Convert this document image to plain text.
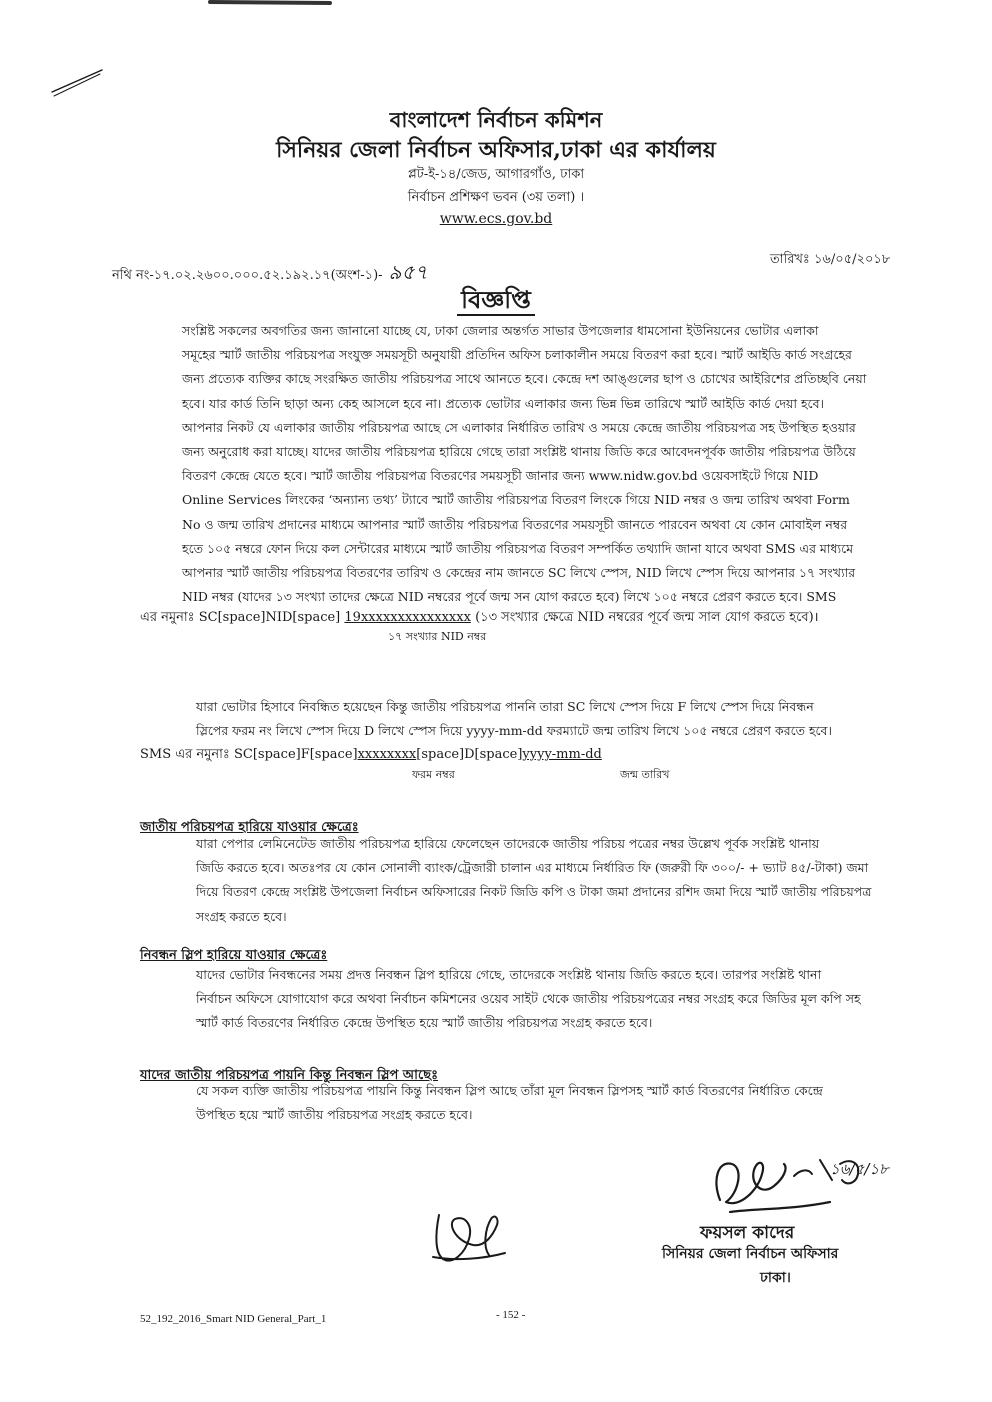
বাংলাদেশ নির্বাচন কমিশন
সিনিয়র জেলা নির্বাচন অফিসার,ঢাকা এর কার্যালয়
প্লট-ই-১৪/জেড, আগারগাঁও, ঢাকা
নির্বাচন প্রশিক্ষণ ভবন (৩য় তলা) ।
www.ecs.gov.bd
নথি নং-১৭.০২.২৬০০.০০০.৫২.১৯২.১৭(অংশ-১)- ৯৫৭
তারিখঃ ১৬/০৫/২০১৮
বিজ্ঞপ্তি
সংশ্লিষ্ট সকলের অবগতির জন্য জানানো যাচ্ছে যে, ঢাকা জেলার অন্তর্গত সাভার উপজেলার ধামসোনা ইউনিয়নের ভোটার এলাকা
সমূহের স্মার্ট জাতীয় পরিচয়পত্র সংযুক্ত সময়সূচী অনুযায়ী প্রতিদিন অফিস চলাকালীন সময়ে বিতরণ করা হবে। স্মার্ট আইডি কার্ড সংগ্রহের
জন্য প্রত্যেক ব্যক্তির কাছে সংরক্ষিত জাতীয় পরিচয়পত্র সাথে আনতে হবে। কেন্দ্রে দশ আঙ্গুলের ছাপ ও চোখের আইরিশের প্রতিচ্ছবি নেয়া
হবে। যার কার্ড তিনি ছাড়া অন্য কেহ আসলে হবে না। প্রত্যেক ভোটার এলাকার জন্য ভিন্ন ভিন্ন তারিখে স্মার্ট আইডি কার্ড দেয়া হবে।
আপনার নিকট যে এলাকার জাতীয় পরিচয়পত্র আছে সে এলাকার নির্ধারিত তারিখ ও সময়ে কেন্দ্রে জাতীয় পরিচয়পত্র সহ উপস্থিত হওয়ার
জন্য অনুরোধ করা যাচ্ছে। যাদের জাতীয় পরিচয়পত্র হারিয়ে গেছে তারা সংশ্লিষ্ট থানায় জিডি করে আবেদনপূর্বক জাতীয় পরিচয়পত্র উঠিয়ে
বিতরণ কেন্দ্রে যেতে হবে। স্মার্ট জাতীয় পরিচয়পত্র বিতরণের সময়সূচী জানার জন্য www.nidw.gov.bd ওয়েবসাইটে গিয়ে NID
Online Services লিংকের ‘অন্যান্য তথ্য’ ট্যাবে স্মার্ট জাতীয় পরিচয়পত্র বিতরণ লিংকে গিয়ে NID নম্বর ও জন্ম তারিখ অথবা Form
No ও জন্ম তারিখ প্রদানের মাধ্যমে আপনার স্মার্ট জাতীয় পরিচয়পত্র বিতরণের সময়সূচী জানতে পারবেন অথবা যে কোন মোবাইল নম্বর
হতে ১০৫ নম্বরে ফোন দিয়ে কল সেন্টারের মাধ্যমে স্মার্ট জাতীয় পরিচয়পত্র বিতরণ সম্পর্কিত তথ্যাদি জানা যাবে অথবা SMS এর মাধ্যমে
আপনার স্মার্ট জাতীয় পরিচয়পত্র বিতরণের তারিখ ও কেন্দ্রের নাম জানতে SC লিখে স্পেস, NID লিখে স্পেস দিয়ে আপনার ১৭ সংখ্যার
NID নম্বর (যাদের ১৩ সংখ্যা তাদের ক্ষেত্রে NID নম্বরের পূর্বে জন্ম সন যোগ করতে হবে) লিখে ১০৫ নম্বরে প্রেরণ করতে হবে। SMS
এর নমুনাঃ SC[space]NID[space] 19xxxxxxxxxxxxxxx (১৩ সংখ্যার ক্ষেত্রে NID নম্বরের পূর্বে জন্ম সাল যোগ করতে হবে)।
১৭ সংখ্যার NID নম্বর
যারা ভোটার হিসাবে নিবন্ধিত হয়েছেন কিন্তু জাতীয় পরিচয়পত্র পাননি তারা SC লিখে স্পেস দিয়ে F লিখে স্পেস দিয়ে নিবন্ধন
স্লিপের ফরম নং লিখে স্পেস দিয়ে D লিখে স্পেস দিয়ে yyyy-mm-dd ফরম্যাটে জন্ম তারিখ লিখে ১০৫ নম্বরে প্রেরণ করতে হবে।
SMS এর নমুনাঃ SC[space]F[space]xxxxxxxx[space]D[space]yyyy-mm-dd
ফরম নম্বর	জন্ম তারিখ
জাতীয় পরিচয়পত্র হারিয়ে যাওয়ার ক্ষেত্রেঃ
যারা পেপার লেমিনেটেড জাতীয় পরিচয়পত্র হারিয়ে ফেলেছেন তাদেরকে জাতীয় পরিচয় পত্রের নম্বর উল্লেখ পূর্বক সংশ্লিষ্ট থানায়
জিডি করতে হবে। অতঃপর যে কোন সোনালী ব্যাংক/ট্রেজারী চালান এর মাধ্যমে নির্ধারিত ফি (জরুরী ফি ৩০০/- + ভ্যাট ৪৫/-টাকা) জমা
দিয়ে বিতরণ কেন্দ্রে সংশ্লিষ্ট উপজেলা নির্বাচন অফিসারের নিকট জিডি কপি ও টাকা জমা প্রদানের রশিদ জমা দিয়ে স্মার্ট জাতীয় পরিচয়পত্র
সংগ্রহ করতে হবে।
নিবন্ধন স্লিপ হারিয়ে যাওয়ার ক্ষেত্রেঃ
যাদের ভোটার নিবন্ধনের সময় প্রদত্ত নিবন্ধন স্লিপ হারিয়ে গেছে, তাদেরকে সংশ্লিষ্ট থানায় জিডি করতে হবে। তারপর সংশ্লিষ্ট থানা
নির্বাচন অফিসে যোগাযোগ করে অথবা নির্বাচন কমিশনের ওয়েব সাইট থেকে জাতীয় পরিচয়পত্রের নম্বর সংগ্রহ করে জিডির মূল কপি সহ
স্মার্ট কার্ড বিতরণের নির্ধারিত কেন্দ্রে উপস্থিত হয়ে স্মার্ট জাতীয় পরিচয়পত্র সংগ্রহ করতে হবে।
যাদের জাতীয় পরিচয়পত্র পায়নি কিন্তু নিবন্ধন স্লিপ আছেঃ
যে সকল ব্যক্তি জাতীয় পরিচয়পত্র পায়নি কিন্তু নিবন্ধন স্লিপ আছে তাঁরা মূল নিবন্ধন স্লিপসহ স্মার্ট কার্ড বিতরণের নির্ধারিত কেন্দ্রে
উপস্থিত হয়ে স্মার্ট জাতীয় পরিচয়পত্র সংগ্রহ করতে হবে।
১৬/৫/১৮
ফয়সল কাদের
সিনিয়র জেলা নির্বাচন অফিসার
ঢাকা।
52_192_2016_Smart NID General_Part_1	- 152 -
